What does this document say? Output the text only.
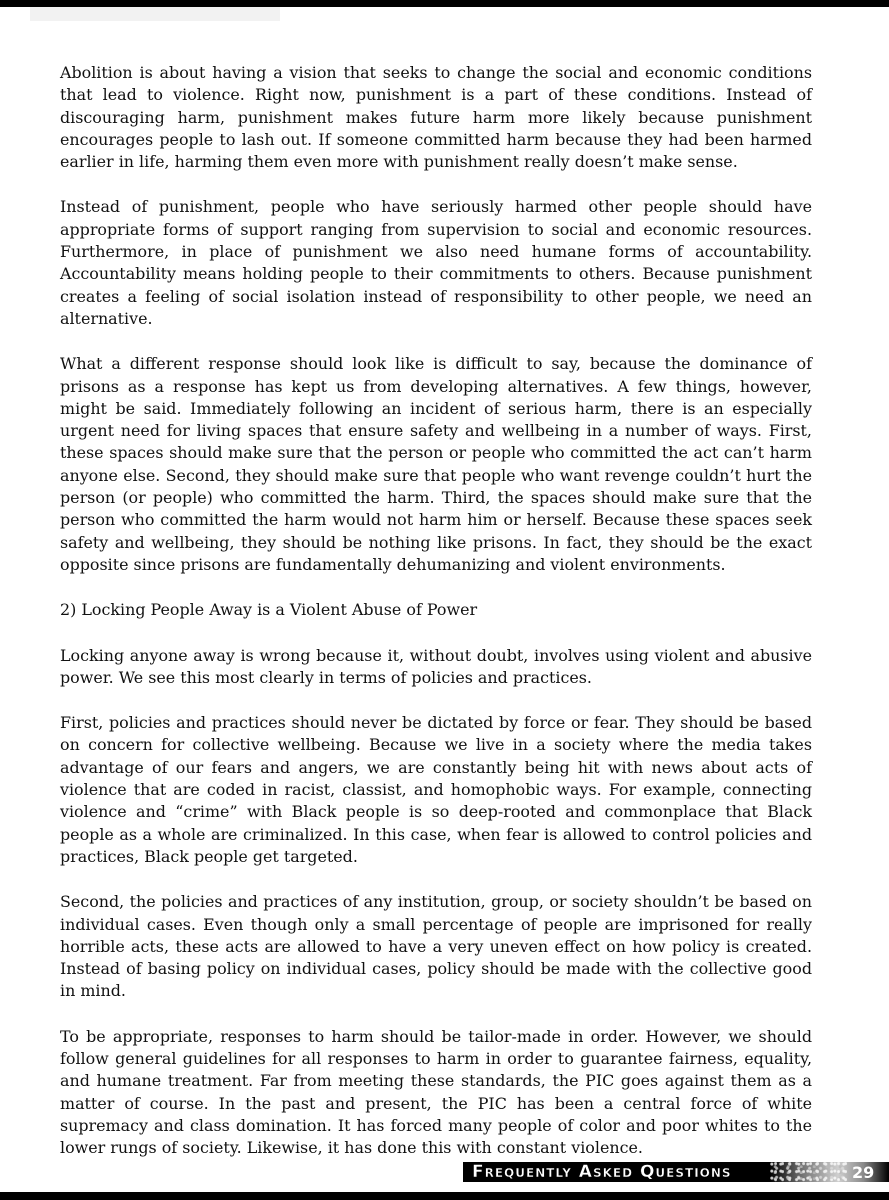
Abolition is about having a vision that seeks to change the social and economic conditions that lead to violence. Right now, punishment is a part of these conditions. Instead of discouraging harm, punishment makes future harm more likely because punishment encourages people to lash out. If someone committed harm because they had been harmed earlier in life, harming them even more with punishment really doesn’t make sense.

Instead of punishment, people who have seriously harmed other people should have appropriate forms of support ranging from supervision to social and economic resources. Furthermore, in place of punishment we also need humane forms of accountability. Accountability means holding people to their commitments to others. Because punishment creates a feeling of social isolation instead of responsibility to other people, we need an alternative.

What a different response should look like is difficult to say, because the dominance of prisons as a response has kept us from developing alternatives. A few things, however, might be said. Immediately following an incident of serious harm, there is an especially urgent need for living spaces that ensure safety and wellbeing in a number of ways. First, these spaces should make sure that the person or people who committed the act can’t harm anyone else. Second, they should make sure that people who want revenge couldn’t hurt the person (or people) who committed the harm. Third, the spaces should make sure that the person who committed the harm would not harm him or herself. Because these spaces seek safety and wellbeing, they should be nothing like prisons. In fact, they should be the exact opposite since prisons are fundamentally dehumanizing and violent environments.

2) Locking People Away is a Violent Abuse of Power

Locking anyone away is wrong because it, without doubt, involves using violent and abusive power. We see this most clearly in terms of policies and practices.

First, policies and practices should never be dictated by force or fear. They should be based on concern for collective wellbeing. Because we live in a society where the media takes advantage of our fears and angers, we are constantly being hit with news about acts of violence that are coded in racist, classist, and homophobic ways. For example, connecting violence and “crime” with Black people is so deep-rooted and commonplace that Black people as a whole are criminalized. In this case, when fear is allowed to control policies and practices, Black people get targeted.

Second, the policies and practices of any institution, group, or society shouldn’t be based on individual cases. Even though only a small percentage of people are imprisoned for really horrible acts, these acts are allowed to have a very uneven effect on how policy is created. Instead of basing policy on individual cases, policy should be made with the collective good in mind.

To be appropriate, responses to harm should be tailor-made in order. However, we should follow general guidelines for all responses to harm in order to guarantee fairness, equality, and humane treatment. Far from meeting these standards, the PIC goes against them as a matter of course. In the past and present, the PIC has been a central force of white supremacy and class domination. It has forced many people of color and poor whites to the lower rungs of society. Likewise, it has done this with constant violence.

Frequently Asked Questions	29
